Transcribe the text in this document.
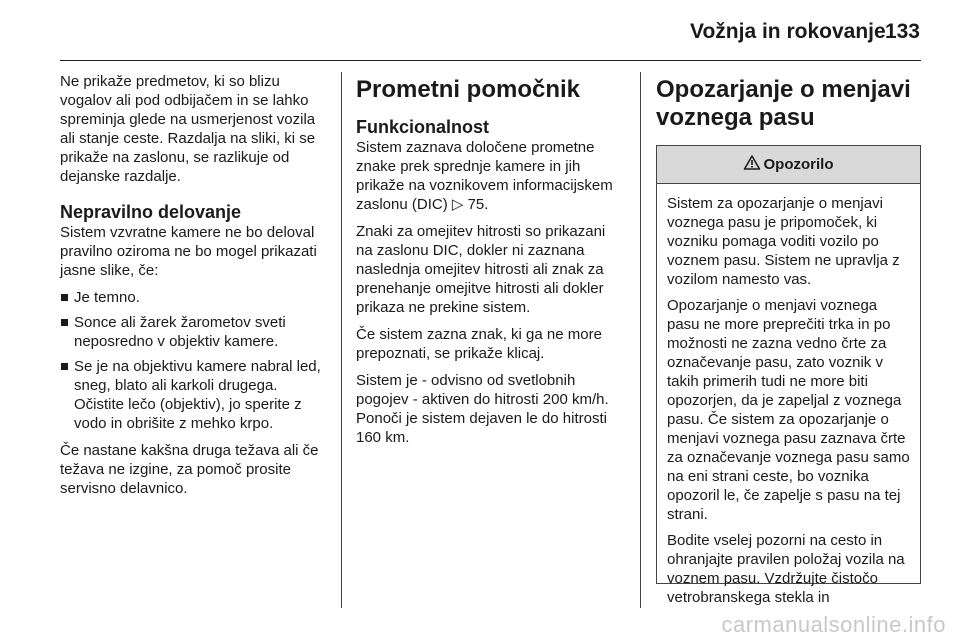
Vožnja in rokovanje 133

Ne prikaže predmetov, ki so blizu vogalov ali pod odbijačem in se lahko spreminja glede na usmerjenost vozila ali stanje ceste. Razdalja na sliki, ki se prikaže na zaslonu, se razlikuje od dejanske razdalje.

Nepravilno delovanje

Sistem vzvratne kamere ne bo deloval pravilno oziroma ne bo mogel prikazati jasne slike, če:

Je temno.
Sonce ali žarek žarometov sveti neposredno v objektiv kamere.
Se je na objektivu kamere nabral led, sneg, blato ali karkoli drugega. Očistite lečo (objektiv), jo sperite z vodo in obrišite z mehko krpo.

Če nastane kakšna druga težava ali če težava ne izgine, za pomoč prosite servisno delavnico.

Prometni pomočnik
Funkcionalnost

Sistem zaznava določene prometne znake prek sprednje kamere in jih prikaže na voznikovem informacijskem zaslonu (DIC) ▷ 75.

Znaki za omejitev hitrosti so prikazani na zaslonu DIC, dokler ni zaznana naslednja omejitev hitrosti ali znak za prenehanje omejitve hitrosti ali dokler prikaza ne prekine sistem.

Če sistem zazna znak, ki ga ne more prepoznati, se prikaže klicaj.

Sistem je - odvisno od svetlobnih pogojev - aktiven do hitrosti 200 km/h. Ponoči je sistem dejaven le do hitrosti 160 km.

Opozarjanje o menjavi voznega pasu
Opozorilo

Sistem za opozarjanje o menjavi voznega pasu je pripomoček, ki vozniku pomaga voditi vozilo po voznem pasu. Sistem ne upravlja z vozilom namesto vas.

Opozarjanje o menjavi voznega pasu ne more preprečiti trka in po možnosti ne zazna vedno črte za označevanje pasu, zato voznik v takih primerih tudi ne more biti opozorjen, da je zapeljal z voznega pasu. Če sistem za opozarjanje o menjavi voznega pasu zaznava črte za označevanje voznega pasu samo na eni strani ceste, bo voznika opozoril le, če zapelje s pasu na tej strani.

Bodite vselej pozorni na cesto in ohranjajte pravilen položaj vozila na voznem pasu. Vzdržujte čistočo vetrobranskega stekla in

carmanualsonline.info
